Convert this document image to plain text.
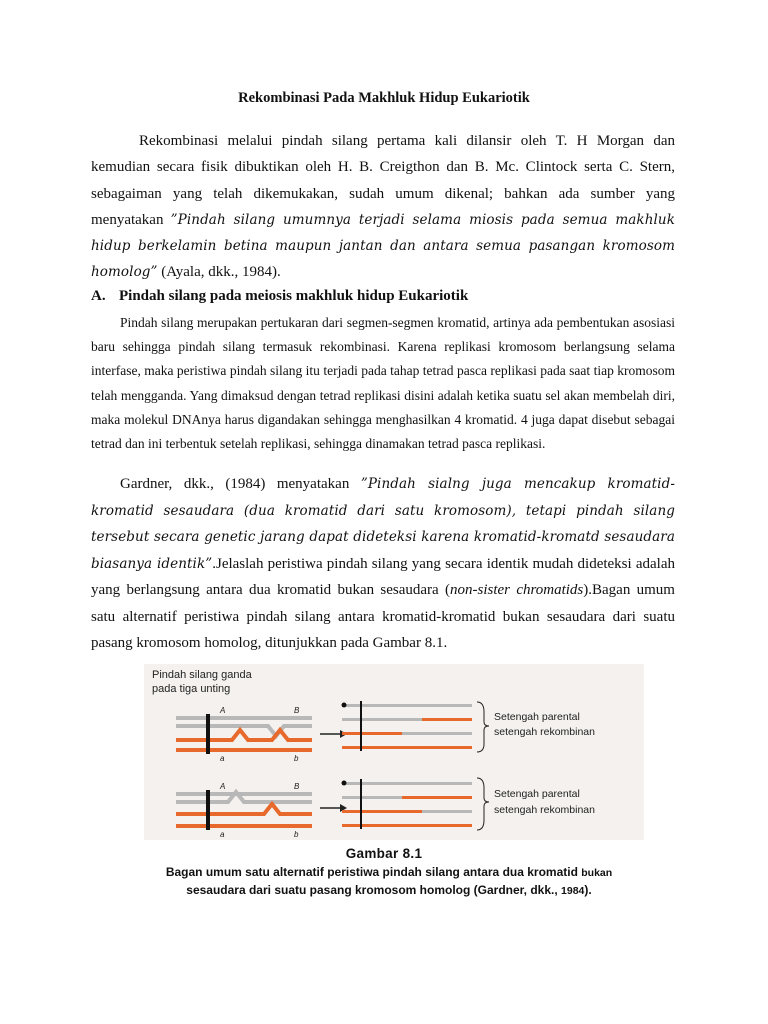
Rekombinasi Pada Makhluk Hidup Eukariotik

Rekombinasi melalui pindah silang pertama kali dilansir oleh T. H Morgan dan kemudian secara fisik dibuktikan oleh H. B. Creigthon dan B. Mc. Clintock serta C. Stern, sebagaiman yang telah dikemukakan, sudah umum dikenal; bahkan ada sumber yang menyatakan ”Pindah silang umumnya terjadi selama miosis pada semua makhluk hidup berkelamin betina maupun jantan dan antara semua pasangan kromosom homolog” (Ayala, dkk., 1984).

A. Pindah silang pada meiosis makhluk hidup Eukariotik

Pindah silang merupakan pertukaran dari segmen-segmen kromatid, artinya ada pembentukan asosiasi baru sehingga pindah silang termasuk rekombinasi. Karena replikasi kromosom berlangsung selama interfase, maka peristiwa pindah silang itu terjadi pada tahap tetrad pasca replikasi pada saat tiap kromosom telah mengganda. Yang dimaksud dengan tetrad replikasi disini adalah ketika suatu sel akan membelah diri, maka molekul DNAnya harus digandakan sehingga menghasilkan 4 kromatid. 4 juga dapat disebut sebagai tetrad dan ini terbentuk setelah replikasi, sehingga dinamakan tetrad pasca replikasi.

Gardner, dkk., (1984) menyatakan ”Pindah sialng juga mencakup kromatid-kromatid sesaudara (dua kromatid dari satu kromosom), tetapi pindah silang tersebut secara genetic jarang dapat dideteksi karena kromatid-kromatd sesaudara biasanya identik”.Jelaslah peristiwa pindah silang yang secara identik mudah dideteksi adalah yang berlangsung antara dua kromatid bukan sesaudara (non-sister chromatids).Bagan umum satu alternatif peristiwa pindah silang antara kromatid-kromatid bukan sesaudara dari suatu pasang kromosom homolog, ditunjukkan pada Gambar 8.1.

Pindah silang ganda
pada tiga unting
A	B
a	b
Setengah parental
setengah rekombinan
A	B
a	b
Setengah parental
setengah rekombinan
Gambar 8.1
Bagan umum satu alternatif peristiwa pindah silang antara dua kromatid bukan
sesaudara dari suatu pasang kromosom homolog (Gardner, dkk., 1984).
